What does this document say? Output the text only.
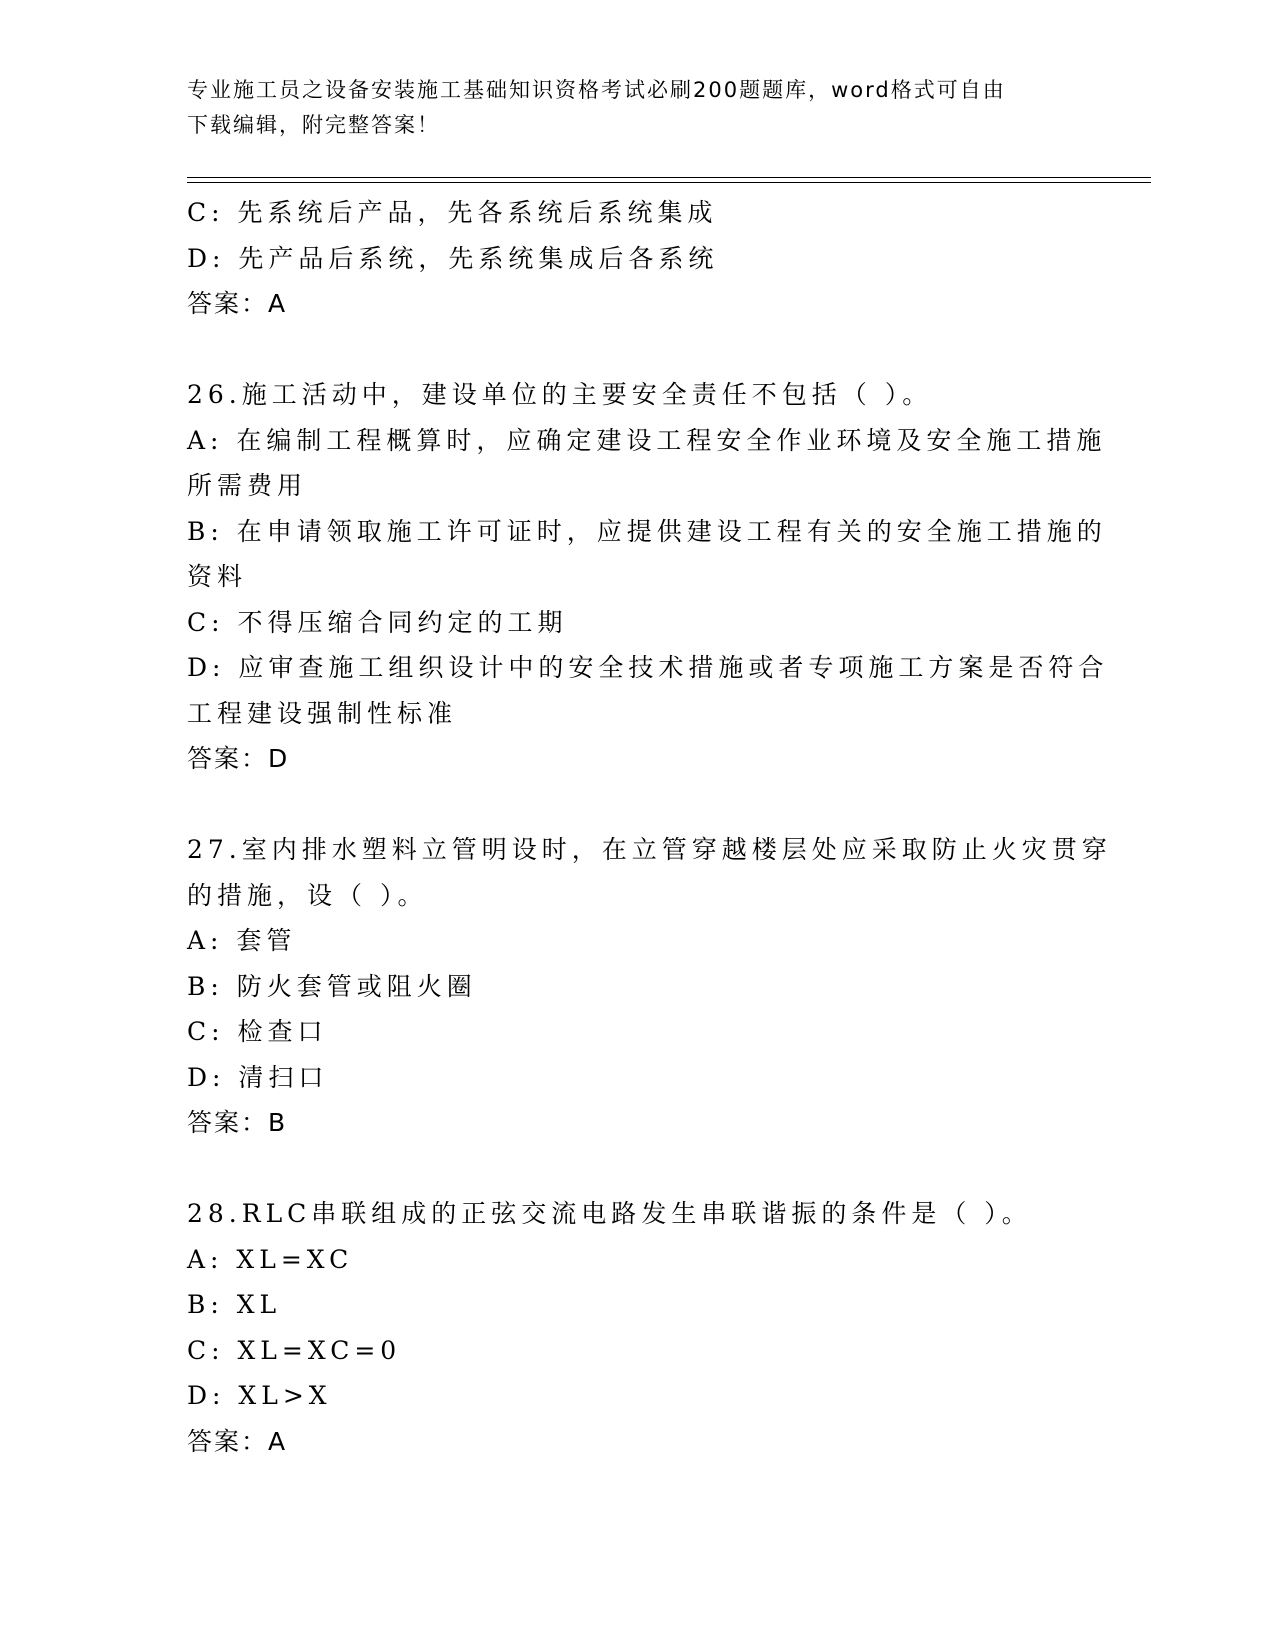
专业施工员之设备安装施工基础知识资格考试必刷200题题库，word格式可自由
下载编辑，附完整答案！
C: 先系统后产品，先各系统后系统集成
D: 先产品后系统，先系统集成后各系统
答案：A
26.施工活动中，建设单位的主要安全责任不包括（ ）。
A: 在编制工程概算时，应确定建设工程安全作业环境及安全施工措施
所需费用
B: 在申请领取施工许可证时，应提供建设工程有关的安全施工措施的
资料
C: 不得压缩合同约定的工期
D: 应审查施工组织设计中的安全技术措施或者专项施工方案是否符合
工程建设强制性标准
答案：D
27.室内排水塑料立管明设时，在立管穿越楼层处应采取防止火灾贯穿
的措施，设（ ）。
A: 套管
B: 防火套管或阻火圈
C: 检查口
D: 清扫口
答案：B
28.RLC串联组成的正弦交流电路发生串联谐振的条件是（ ）。
A: XL=XC
B: XL
C: XL=XC=0
D: XL>X
答案：A
